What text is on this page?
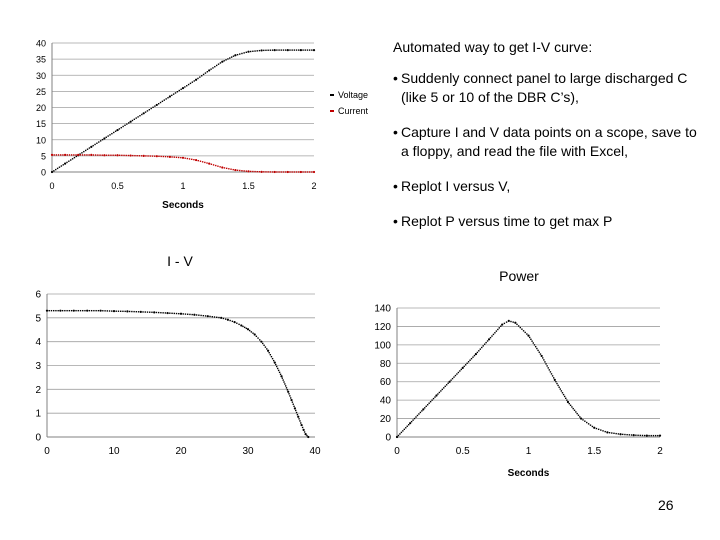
0
5
10
15
20
25
30
35
40
0	0.5	1	1.5	2
Seconds
Voltage
Current
0
1
2
3
4
5
6
0	10	20	30	40
I - V
0
20
40
60
80
100
120
140
0	0.5	1	1.5	2
Power
Seconds
Automated way to get I-V curve:
• Suddenly connect panel to large discharged C (like 5 or 10 of the DBR C’s),
• Capture I and V data points on a scope, save to a floppy, and read the file with Excel,
• Replot I versus V,
• Replot P versus time to get max P
26
